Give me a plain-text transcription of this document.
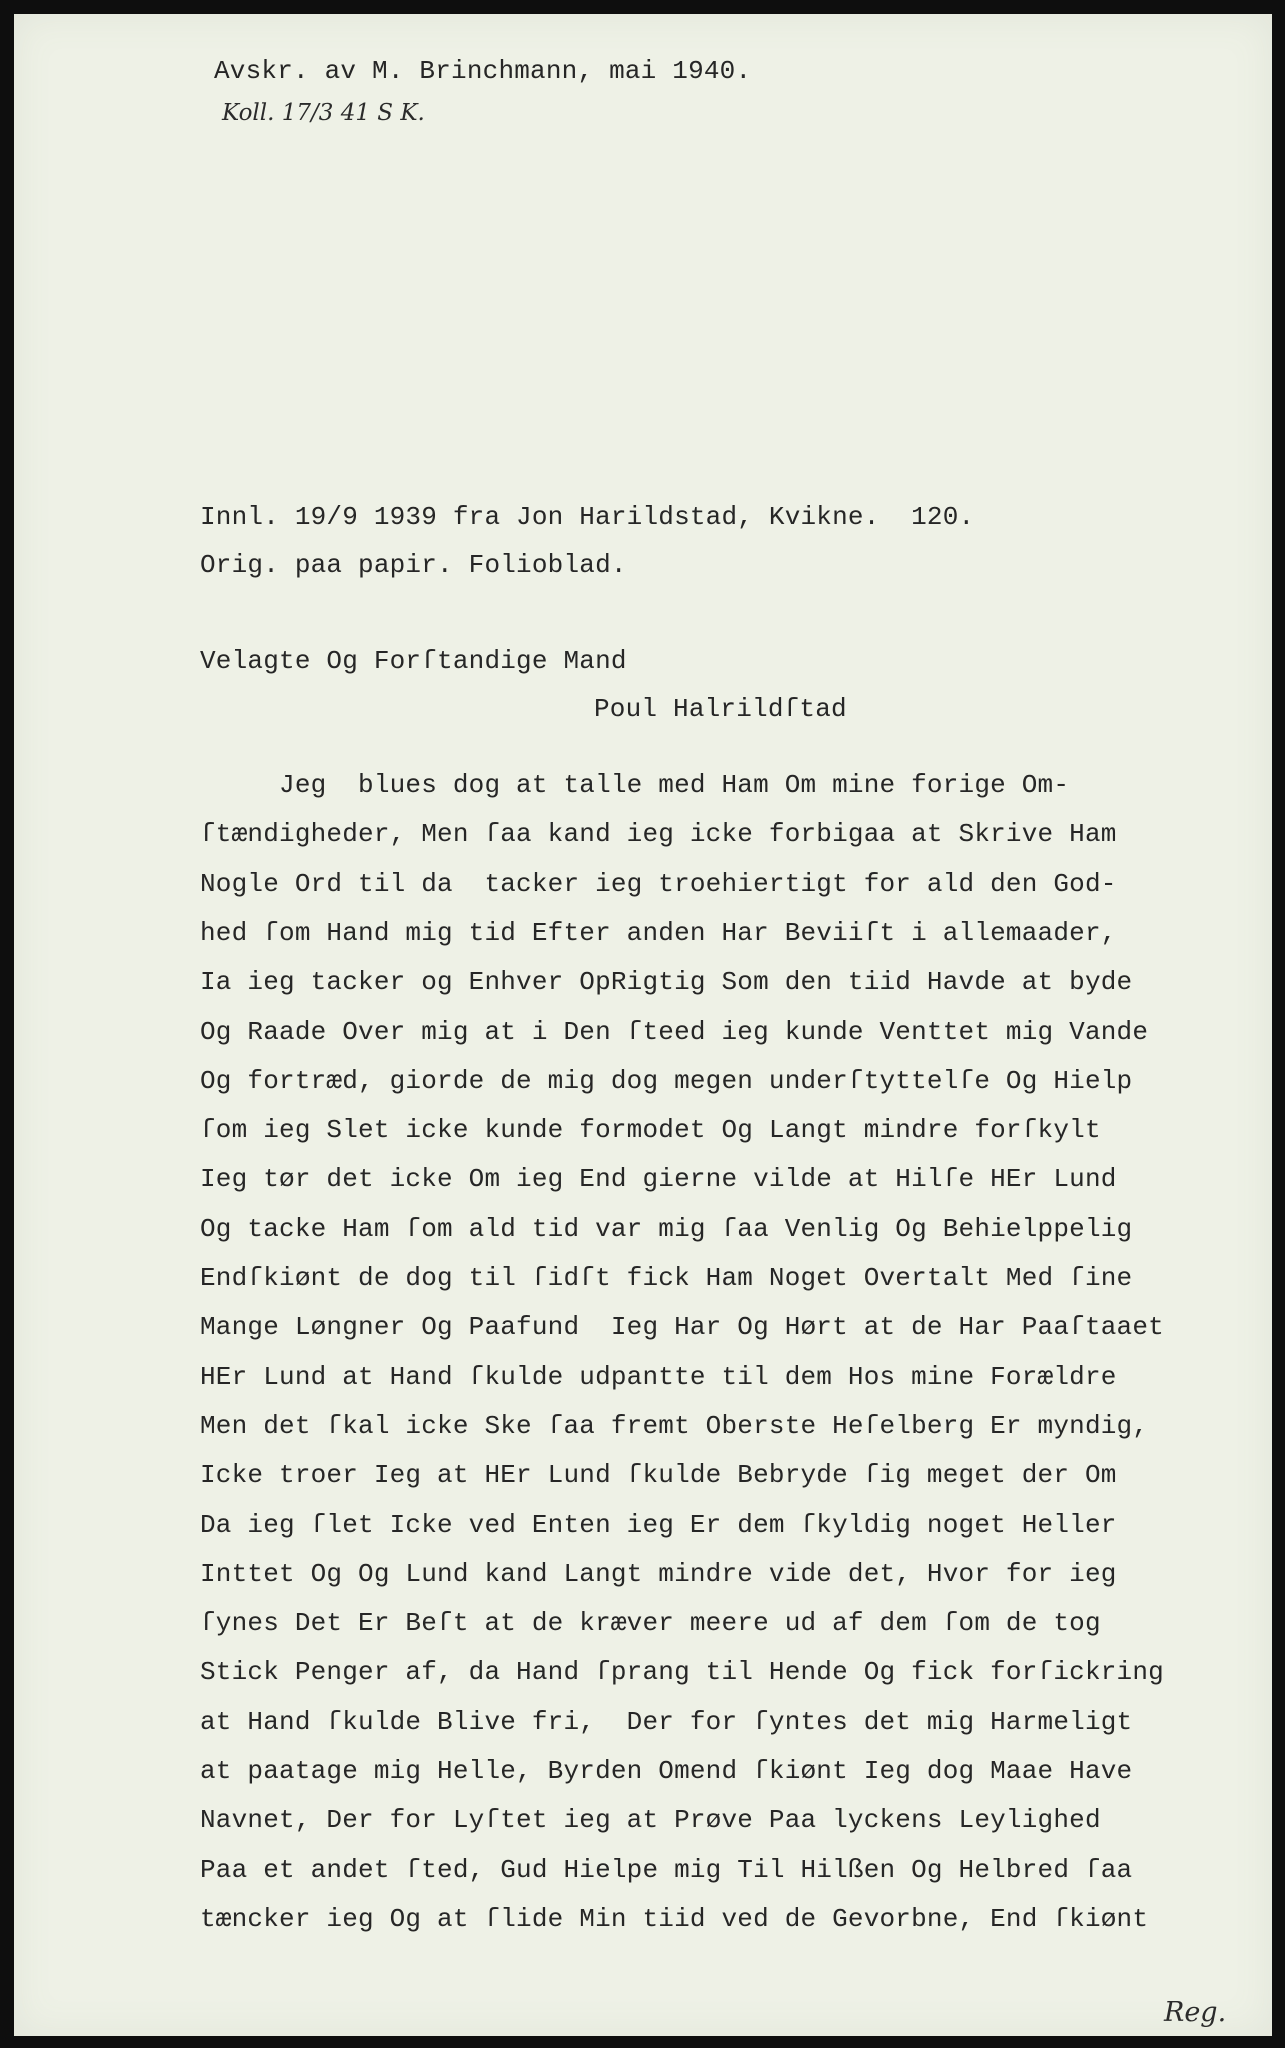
Avskr. av M. Brinchmann, mai 1940.
Koll. 17/3 41 S K.
Innl. 19/9 1939 fra Jon Harildstad, Kvikne.  120.
Orig. paa papir. Folioblad.
Velagte Og Forſtandige Mand
Poul Halrildſtad
Jeg  blues dog at talle med Ham Om mine forige Om-
ſtændigheder, Men ſaa kand ieg icke forbigaa at Skrive Ham
Nogle Ord til da  tacker ieg troehiertigt for ald den God-
hed ſom Hand mig tid Efter anden Har Beviiſt i allemaader,
Ia ieg tacker og Enhver OpRigtig Som den tiid Havde at byde
Og Raade Over mig at i Den ſteed ieg kunde Venttet mig Vande
Og fortræd, giorde de mig dog megen underſtyttelſe Og Hielp
ſom ieg Slet icke kunde formodet Og Langt mindre forſkylt
Ieg tør det icke Om ieg End gierne vilde at Hilſe HEr Lund
Og tacke Ham ſom ald tid var mig ſaa Venlig Og Behielppelig
Endſkiønt de dog til ſidſt fick Ham Noget Overtalt Med ſine
Mange Løngner Og Paafund  Ieg Har Og Hørt at de Har Paaſtaaet
HEr Lund at Hand ſkulde udpantte til dem Hos mine Forældre
Men det ſkal icke Ske ſaa fremt Oberste Heſelberg Er myndig,
Icke troer Ieg at HEr Lund ſkulde Bebryde ſig meget der Om
Da ieg ſlet Icke ved Enten ieg Er dem ſkyldig noget Heller
Inttet Og Og Lund kand Langt mindre vide det, Hvor for ieg
ſynes Det Er Beſt at de kræver meere ud af dem ſom de tog
Stick Penger af, da Hand ſprang til Hende Og fick forſickring
at Hand ſkulde Blive fri,  Der for ſyntes det mig Harmeligt
at paatage mig Helle, Byrden Omend ſkiønt Ieg dog Maae Have
Navnet, Der for Lyſtet ieg at Prøve Paa lyckens Leylighed
Paa et andet ſted, Gud Hielpe mig Til Hilßen Og Helbred ſaa
tæncker ieg Og at ſlide Min tiid ved de Gevorbne, End ſkiønt
Reg.
